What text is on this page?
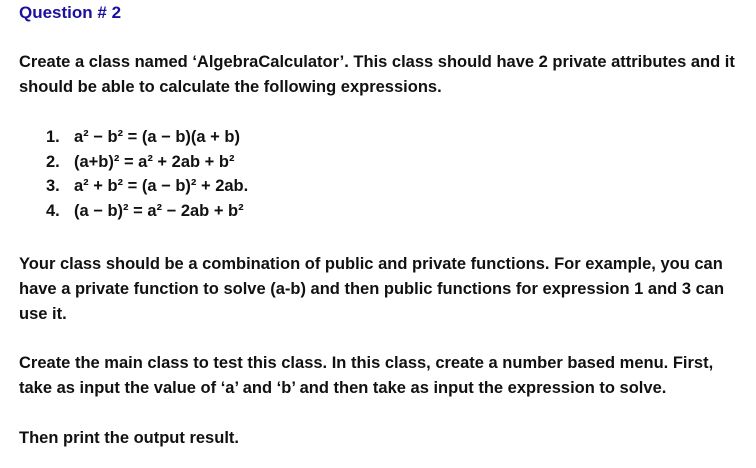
Question # 2

Create a class named ‘AlgebraCalculator’. This class should have 2 private attributes and it should be able to calculate the following expressions.

1. a² − b² = (a − b)(a + b)
2. (a+b)² = a² + 2ab + b²
3. a² + b² = (a − b)² + 2ab.
4. (a − b)² = a² − 2ab + b²

Your class should be a combination of public and private functions. For example, you can have a private function to solve (a-b) and then public functions for expression 1 and 3 can use it.

Create the main class to test this class. In this class, create a number based menu. First, take as input the value of ‘a’ and ‘b’ and then take as input the expression to solve.

Then print the output result.
